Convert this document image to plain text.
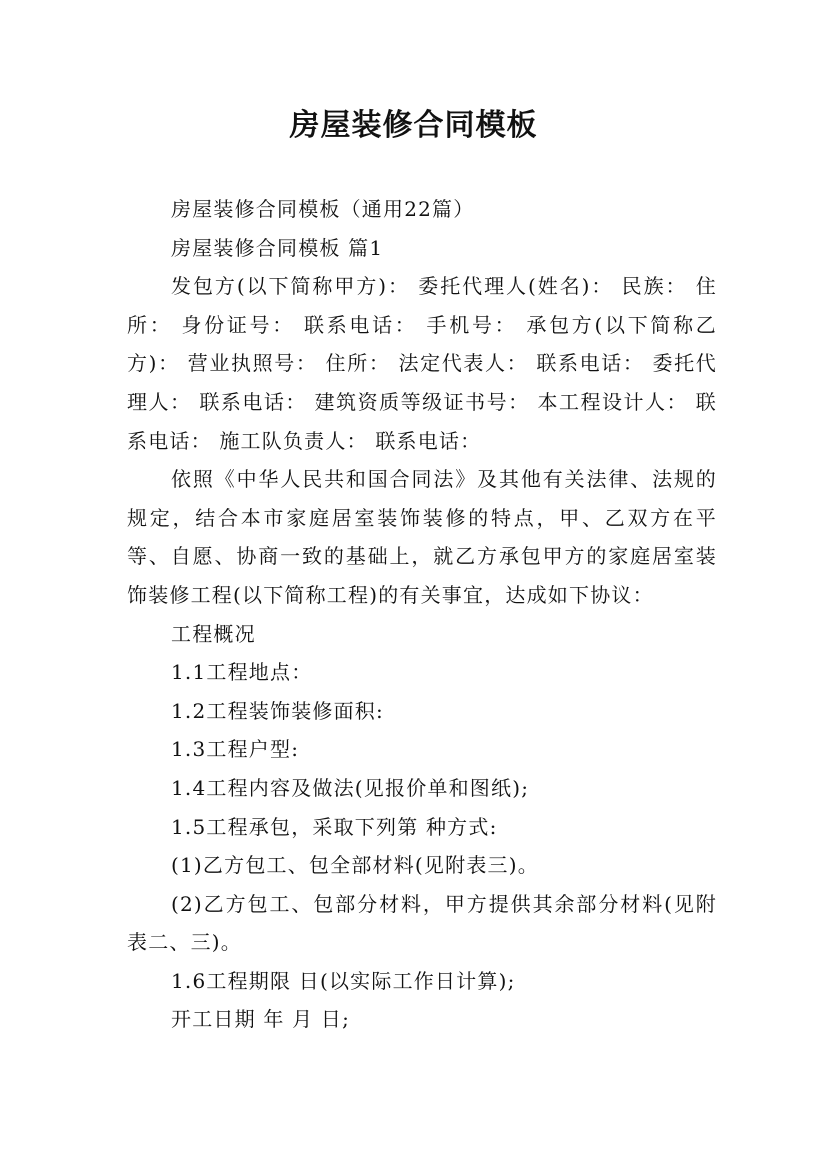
房屋装修合同模板

房屋装修合同模板（通用22篇）

房屋装修合同模板 篇1

发包方(以下简称甲方)： 委托代理人(姓名)： 民族： 住所： 身份证号： 联系电话： 手机号： 承包方(以下简称乙方)： 营业执照号： 住所： 法定代表人： 联系电话： 委托代理人： 联系电话： 建筑资质等级证书号： 本工程设计人： 联系电话： 施工队负责人： 联系电话：

依照《中华人民共和国合同法》及其他有关法律、法规的规定，结合本市家庭居室装饰装修的特点，甲、乙双方在平等、自愿、协商一致的基础上，就乙方承包甲方的家庭居室装饰装修工程(以下简称工程)的有关事宜，达成如下协议：

工程概况

1.1工程地点：

1.2工程装饰装修面积:

1.3工程户型:

1.4工程内容及做法(见报价单和图纸);

1.5工程承包，采取下列第 种方式:

(1)乙方包工、包全部材料(见附表三)。

(2)乙方包工、包部分材料，甲方提供其余部分材料(见附表二、三)。

1.6工程期限 日(以实际工作日计算);

开工日期 年 月 日;
